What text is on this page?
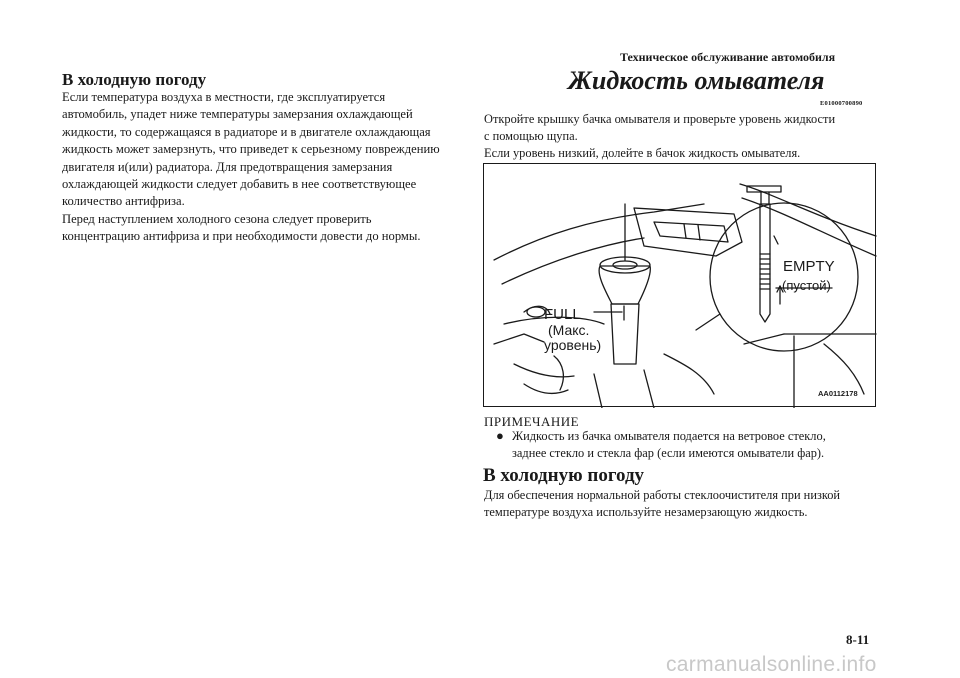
В холодную погоду

Если температура воздуха в местности, где эксплуатируется

автомобиль, упадет ниже температуры замерзания охлаждающей

жидкости, то содержащаяся в радиаторе и в двигателе охлаждающая

жидкость может замерзнуть, что приведет к серьезному повреждению

двигателя и(или) радиатора. Для предотвращения замерзания

охлаждающей жидкости следует добавить в нее соответствующее

количество антифриза.

Перед наступлением холодного сезона следует проверить

концентрацию антифриза и при необходимости довести до нормы.

Техническое обслуживание автомобиля
Жидкость омывателя
E01000700890

Откройте крышку бачка омывателя и проверьте уровень жидкости

с помощью щупа.

Если уровень низкий, долейте в бачок жидкость омывателя.

FULL
(Макс.
уровень)
EMPTY
(пустой)
AA0112178
ПРИМЕЧАНИЕ
● Жидкость из бачка омывателя подается на ветровое стекло,
заднее стекло и стекла фар (если имеются омыватели фар).
В холодную погоду

Для обеспечения нормальной работы стеклоочистителя при низкой

температуре воздуха используйте незамерзающую жидкость.

8-11
carmanualsonline.info
